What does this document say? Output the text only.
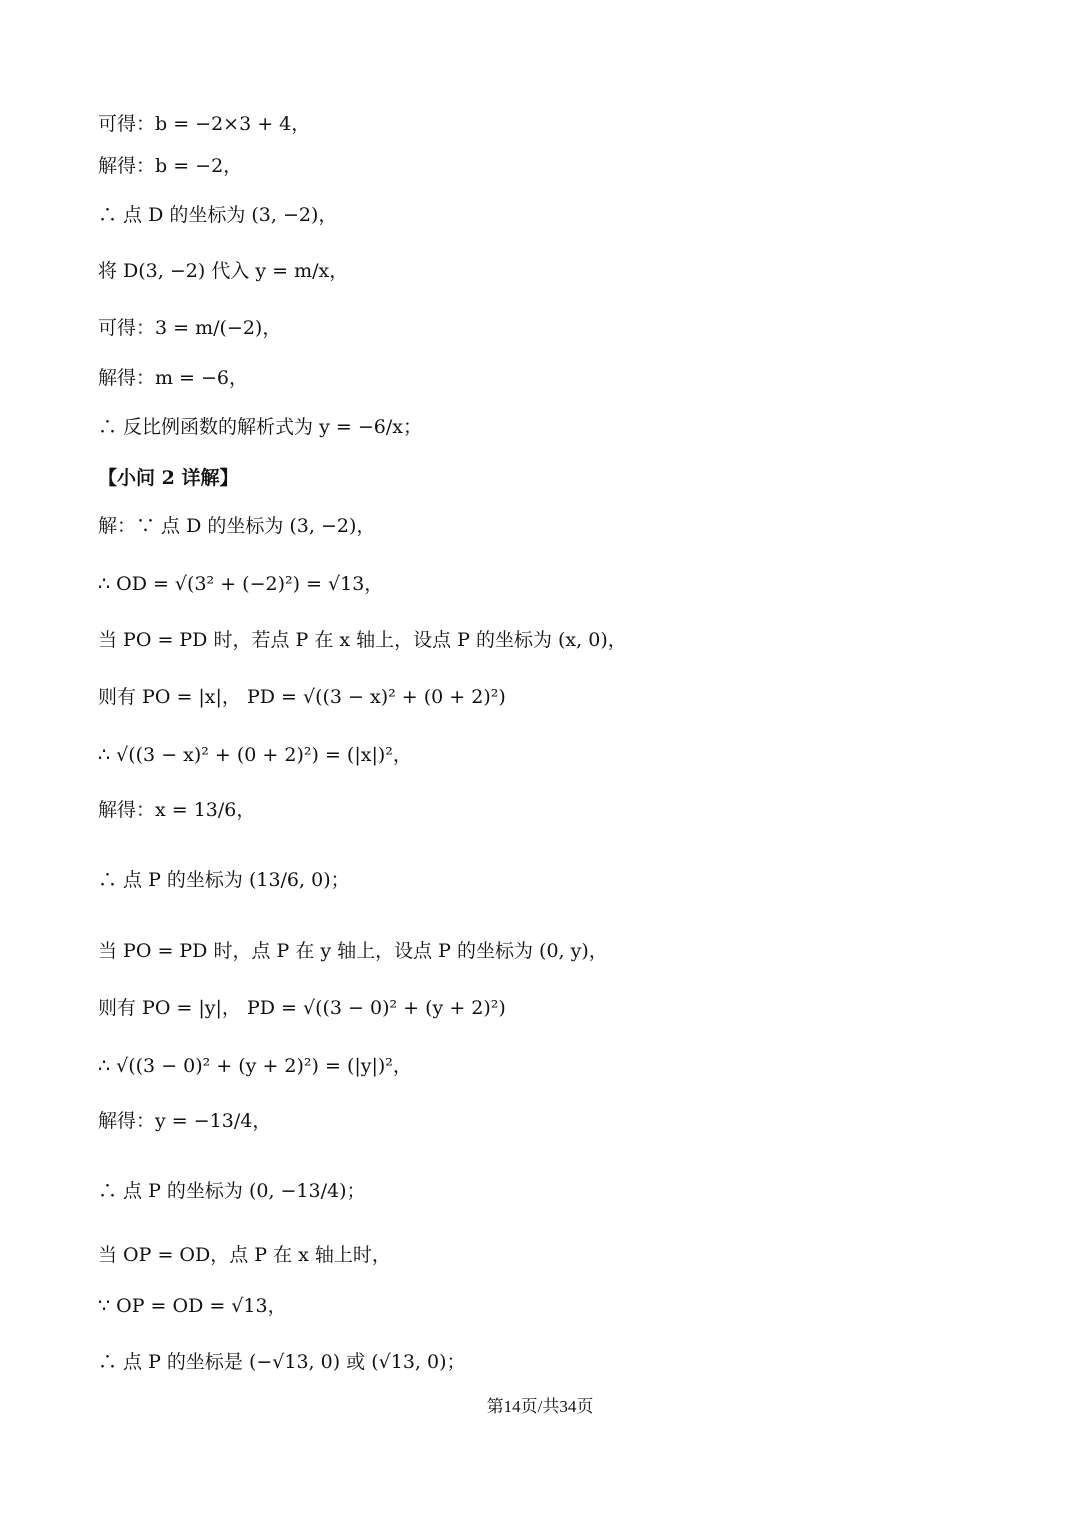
可得：b = −2×3 + 4，
解得：b = −2，
∴ 点 D 的坐标为 (3, −2)，
将 D(3, −2) 代入 y = m/x，
可得：3 = m/(−2)，
解得：m = −6，
∴ 反比例函数的解析式为 y = −6/x；
【小问 2 详解】
解：∵ 点 D 的坐标为 (3, −2)，
∴ OD = √(3² + (−2)²) = √13，
当 PO = PD 时，若点 P 在 x 轴上，设点 P 的坐标为 (x, 0)，
则有 PO = |x|， PD = √((3 − x)² + (0 + 2)²)
∴ √((3 − x)² + (0 + 2)²) = (|x|)²，
解得：x = 13/6，
∴ 点 P 的坐标为 (13/6, 0)；
当 PO = PD 时，点 P 在 y 轴上，设点 P 的坐标为 (0, y)，
则有 PO = |y|， PD = √((3 − 0)² + (y + 2)²)
∴ √((3 − 0)² + (y + 2)²) = (|y|)²，
解得：y = −13/4，
∴ 点 P 的坐标为 (0, −13/4)；
当 OP = OD，点 P 在 x 轴上时，
∵ OP = OD = √13，
∴ 点 P 的坐标是 (−√13, 0) 或 (√13, 0)；
第14页/共34页
